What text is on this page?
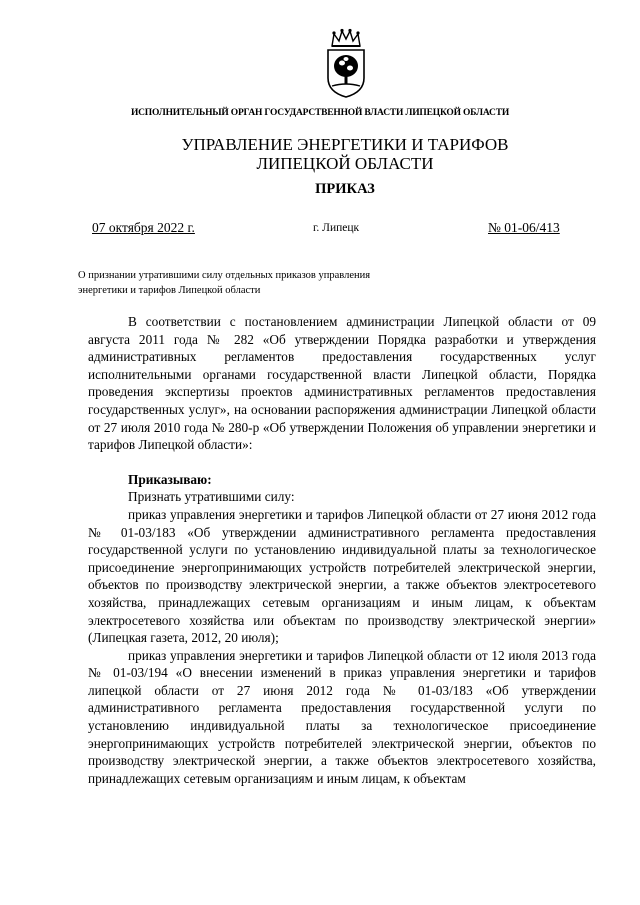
ИСПОЛНИТЕЛЬНЫЙ ОРГАН ГОСУДАРСТВЕННОЙ ВЛАСТИ ЛИПЕЦКОЙ ОБЛАСТИ
УПРАВЛЕНИЕ ЭНЕРГЕТИКИ И ТАРИФОВ
ЛИПЕЦКОЙ ОБЛАСТИ
ПРИКАЗ
07 октября 2022 г.	г. Липецк	№ 01-06/413
О признании утратившими силу отдельных приказов управления
энергетики и тарифов Липецкой области

В соответствии с постановлением администрации Липецкой области от 09 августа 2011 года № 282 «Об утверждении Порядка разработки и утверждения административных регламентов предоставления государственных услуг исполнительными органами государственной власти Липецкой области, Порядка проведения экспертизы проектов административных регламентов предоставления государственных услуг», на основании распоряжения администрации Липецкой области от 27 июля 2010 года № 280-р «Об утверждении Положения об управлении энергетики и тарифов Липецкой области»:

Приказываю:

Признать утратившими силу:

приказ управления энергетики и тарифов Липецкой области от 27 июня 2012 года № 01-03/183 «Об утверждении административного регламента предоставления государственной услуги по установлению индивидуальной платы за технологическое присоединение энергопринимающих устройств потребителей электрической энергии, объектов по производству электрической энергии, а также объектов электросетевого хозяйства, принадлежащих сетевым организациям и иным лицам, к объектам электросетевого хозяйства или объектам по производству электрической энергии» (Липецкая газета, 2012, 20 июля);

приказ управления энергетики и тарифов Липецкой области от 12 июля 2013 года № 01-03/194 «О внесении изменений в приказ управления энергетики и тарифов липецкой области от 27 июня 2012 года № 01-03/183 «Об утверждении административного регламента предоставления государственной услуги по установлению индивидуальной платы за технологическое присоединение энергопринимающих устройств потребителей электрической энергии, объектов по производству электрической энергии, а также объектов электросетевого хозяйства, принадлежащих сетевым организациям и иным лицам, к объектам
